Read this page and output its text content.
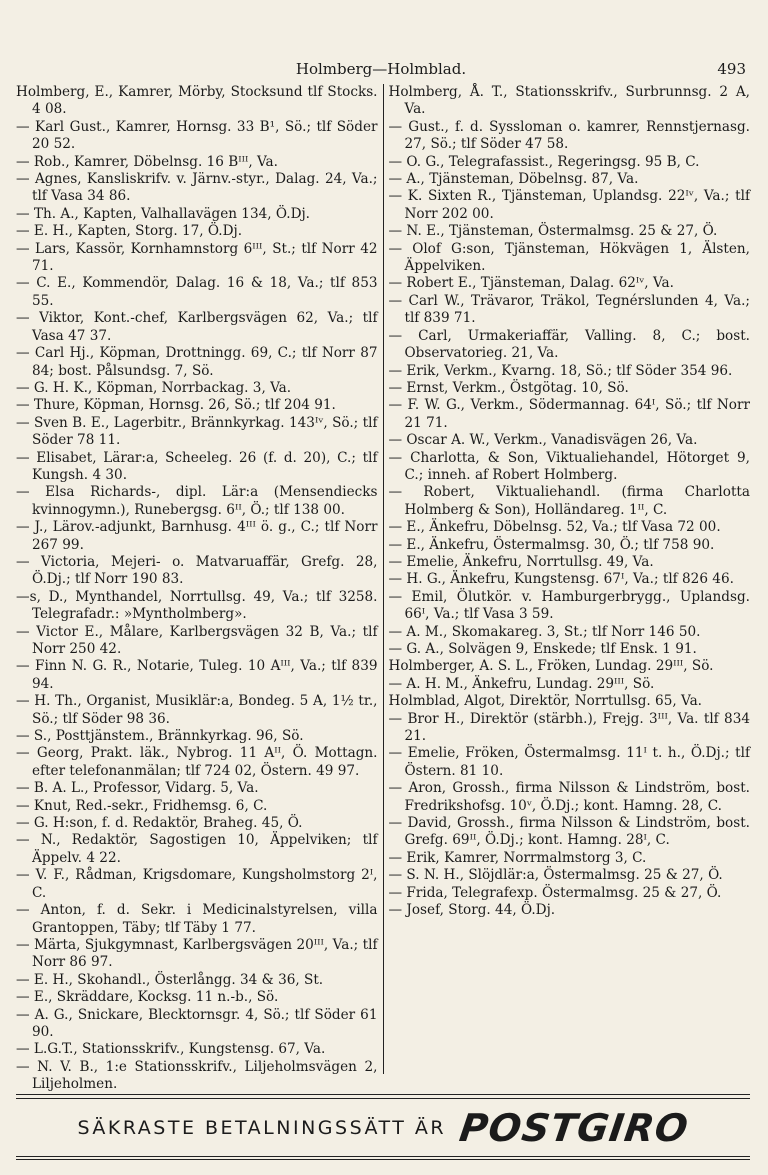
Holmberg—Holmblad.	493

Holmberg, E., Kamrer, Mörby, Stocksund tlf Stocks. 4 08.

— Karl Gust., Kamrer, Hornsg. 33 B¹, Sö.; tlf Söder 20 52.

— Rob., Kamrer, Döbelnsg. 16 Bᴵᴵᴵ, Va.

— Agnes, Kansliskrifv. v. Järnv.-styr., Dalag. 24, Va.; tlf Vasa 34 86.

— Th. A., Kapten, Valhallavägen 134, Ö.Dj.

— E. H., Kapten, Storg. 17, Ö.Dj.

— Lars, Kassör, Kornhamnstorg 6ᴵᴵᴵ, St.; tlf Norr 42 71.

— C. E., Kommendör, Dalag. 16 & 18, Va.; tlf 853 55.

— Viktor, Kont.-chef, Karlbergsvägen 62, Va.; tlf Vasa 47 37.

— Carl Hj., Köpman, Drottningg. 69, C.; tlf Norr 87 84; bost. Pålsundsg. 7, Sö.

— G. H. K., Köpman, Norrbackag. 3, Va.

— Thure, Köpman, Hornsg. 26, Sö.; tlf 204 91.

— Sven B. E., Lagerbitr., Brännkyrkag. 143ᴵᵛ, Sö.; tlf Söder 78 11.

— Elisabet, Lärar:a, Scheeleg. 26 (f. d. 20), C.; tlf Kungsh. 4 30.

— Elsa Richards-, dipl. Lär:a (Mensendiecks kvinnogymn.), Runebergsg. 6ᴵᴵ, Ö.; tlf 138 00.

— J., Lärov.-adjunkt, Barnhusg. 4ᴵᴵᴵ ö. g., C.; tlf Norr 267 99.

— Victoria, Mejeri- o. Matvaruaffär, Grefg. 28, Ö.Dj.; tlf Norr 190 83.

—s, D., Mynthandel, Norrtullsg. 49, Va.; tlf 3258. Telegrafadr.: »Myntholmberg».

— Victor E., Målare, Karlbergsvägen 32 B, Va.; tlf Norr 250 42.

— Finn N. G. R., Notarie, Tuleg. 10 Aᴵᴵᴵ, Va.; tlf 839 94.

— H. Th., Organist, Musiklär:a, Bondeg. 5 A, 1½ tr., Sö.; tlf Söder 98 36.

— S., Posttjänstem., Brännkyrkag. 96, Sö.

— Georg, Prakt. läk., Nybrog. 11 Aᴵᴵ, Ö. Mottagn. efter telefonanmälan; tlf 724 02, Östern. 49 97.

— B. A. L., Professor, Vidarg. 5, Va.

— Knut, Red.-sekr., Fridhemsg. 6, C.

— G. H:son, f. d. Redaktör, Braheg. 45, Ö.

— N., Redaktör, Sagostigen 10, Äppelviken; tlf Äppelv. 4 22.

— V. F., Rådman, Krigsdomare, Kungsholmstorg 2ᴵ, C.

— Anton, f. d. Sekr. i Medicinalstyrelsen, villa Grantoppen, Täby; tlf Täby 1 77.

— Märta, Sjukgymnast, Karlbergsvägen 20ᴵᴵᴵ, Va.; tlf Norr 86 97.

— E. H., Skohandl., Österlångg. 34 & 36, St.

— E., Skräddare, Kocksg. 11 n.-b., Sö.

— A. G., Snickare, Blecktornsgr. 4, Sö.; tlf Söder 61 90.

— L.G.T., Stationsskrifv., Kungstensg. 67, Va.

— N. V. B., 1:e Stationsskrifv., Liljeholmsvägen 2, Liljeholmen.

Holmberg, Å. T., Stationsskrifv., Surbrunnsg. 2 A, Va.

— Gust., f. d. Syssloman o. kamrer, Rennstjernasg. 27, Sö.; tlf Söder 47 58.

— O. G., Telegrafassist., Regeringsg. 95 B, C.

— A., Tjänsteman, Döbelnsg. 87, Va.

— K. Sixten R., Tjänsteman, Uplandsg. 22ᴵᵛ, Va.; tlf Norr 202 00.

— N. E., Tjänsteman, Östermalmsg. 25 & 27, Ö.

— Olof G:son, Tjänsteman, Hökvägen 1, Älsten, Äppelviken.

— Robert E., Tjänsteman, Dalag. 62ᴵᵛ, Va.

— Carl W., Trävaror, Träkol, Tegnérslunden 4, Va.; tlf 839 71.

— Carl, Urmakeriaffär, Valling. 8, C.; bost. Observatorieg. 21, Va.

— Erik, Verkm., Kvarng. 18, Sö.; tlf Söder 354 96.

— Ernst, Verkm., Östgötag. 10, Sö.

— F. W. G., Verkm., Södermannag. 64ᴵ, Sö.; tlf Norr 21 71.

— Oscar A. W., Verkm., Vanadisvägen 26, Va.

— Charlotta, & Son, Viktualiehandel, Hötorget 9, C.; inneh. af Robert Holmberg.

— Robert, Viktualiehandl. (firma Charlotta Holmberg & Son), Holländareg. 1ᴵᴵ, C.

— E., Änkefru, Döbelnsg. 52, Va.; tlf Vasa 72 00.

— E., Änkefru, Östermalmsg. 30, Ö.; tlf 758 90.

— Emelie, Änkefru, Norrtullsg. 49, Va.

— H. G., Änkefru, Kungstensg. 67ᴵ, Va.; tlf 826 46.

— Emil, Ölutkör. v. Hamburgerbrygg., Uplandsg. 66ᴵ, Va.; tlf Vasa 3 59.

— A. M., Skomakareg. 3, St.; tlf Norr 146 50.

— G. A., Solvägen 9, Enskede; tlf Ensk. 1 91.

Holmberger, A. S. L., Fröken, Lundag. 29ᴵᴵᴵ, Sö.

— A. H. M., Änkefru, Lundag. 29ᴵᴵᴵ, Sö.

Holmblad, Algot, Direktör, Norrtullsg. 65, Va.

— Bror H., Direktör (stärbh.), Frejg. 3ᴵᴵᴵ, Va. tlf 834 21.

— Emelie, Fröken, Östermalmsg. 11ᴵ t. h., Ö.Dj.; tlf Östern. 81 10.

— Aron, Grossh., firma Nilsson & Lindström, bost. Fredrikshofsg. 10ᵛ, Ö.Dj.; kont. Hamng. 28, C.

— David, Grossh., firma Nilsson & Lindström, bost. Grefg. 69ᴵᴵ, Ö.Dj.; kont. Hamng. 28ᴵ, C.

— Erik, Kamrer, Norrmalmstorg 3, C.

— S. N. H., Slöjdlär:a, Östermalmsg. 25 & 27, Ö.

— Frida, Telegrafexp. Östermalmsg. 25 & 27, Ö.

— Josef, Storg. 44, Ö.Dj.

SÄKRASTE BETALNINGSSÄTT ÄR POSTGIRO
